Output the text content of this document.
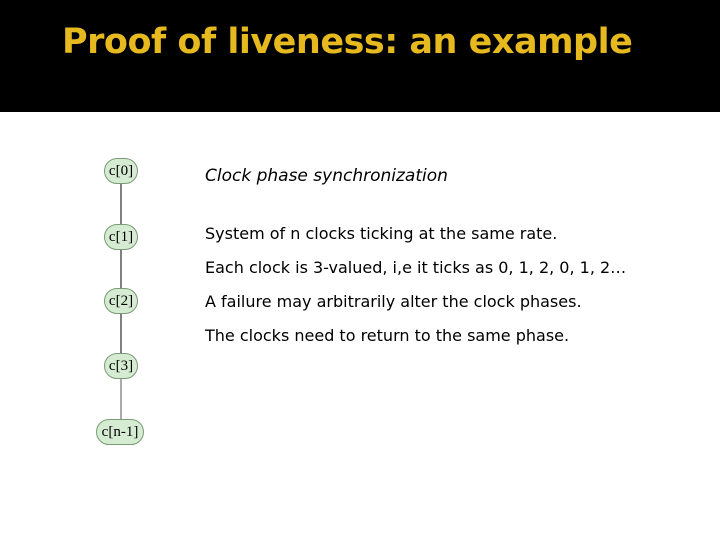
Proof of liveness: an example
c[0]
c[1]
c[2]
c[3]
c[n-1]
Clock phase synchronization
System of n clocks ticking at the same rate.
Each clock is 3-valued, i,e it ticks as 0, 1, 2, 0, 1, 2…
A failure may arbitrarily alter the clock phases.
The clocks need to return to the same phase.
